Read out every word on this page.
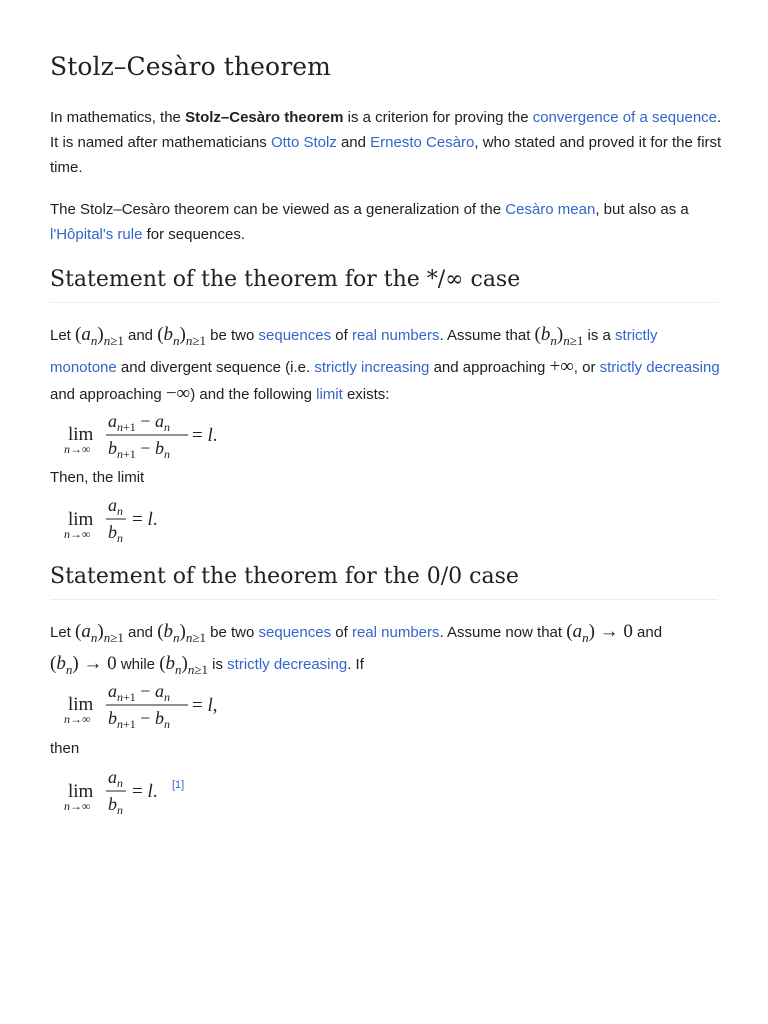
Stolz–Cesàro theorem

In mathematics, the Stolz–Cesàro theorem is a criterion for proving the convergence of a sequence. It is named after mathematicians Otto Stolz and Ernesto Cesàro, who stated and proved it for the first time.

The Stolz–Cesàro theorem can be viewed as a generalization of the Cesàro mean, but also as a l'Hôpital's rule for sequences.

Statement of the theorem for the */∞ case

Let $(a_n)_{n\ge 1}$ and $(b_n)_{n\ge 1}$ be two sequences of real numbers. Assume that $(b_n)_{n\ge 1}$ is a strictly monotone and divergent sequence (i.e. strictly increasing and approaching +∞, or strictly decreasing and approaching −∞) and the following limit exists:

lim
n→∞
$a_n+1 - a_n$
$b_n+1 - b_n$
= l.

Then, the limit

lim
n→∞
$a_n$
$b_n$
= l.
Statement of the theorem for the 0/0 case

Let $(a_n)_{n\ge 1}$ and $(b_n)_{n\ge 1}$ be two sequences of real numbers. Assume now that $(a_n) \to 0$ and
$(b_n) \to 0$ while $(b_n)_{n\ge 1}$ is strictly decreasing. If

lim
n→∞
$a_n+1 - a_n$
$b_n+1 - b_n$
= l,

then

lim
n→∞
$a_n$
$b_n$
= l. [1]
